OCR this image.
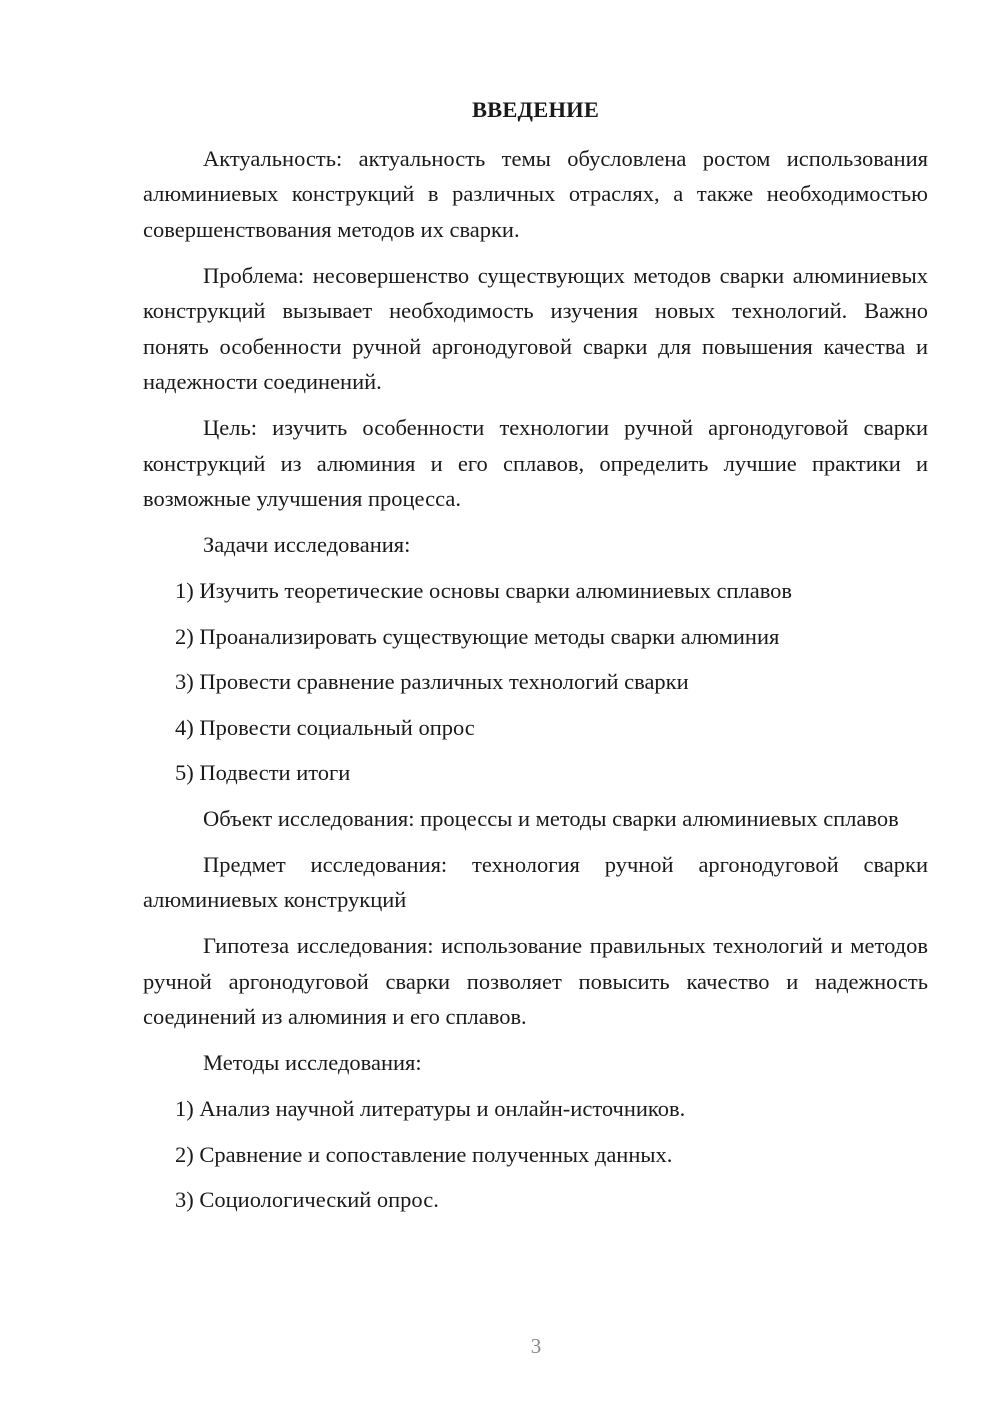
ВВЕДЕНИЕ

Актуальность: актуальность темы обусловлена ростом использования алюминиевых конструкций в различных отраслях, а также необходимостью совершенствования методов их сварки.

Проблема: несовершенство существующих методов сварки алюминиевых конструкций вызывает необходимость изучения новых технологий. Важно понять особенности ручной аргонодуговой сварки для повышения качества и надежности соединений.

Цель: изучить особенности технологии ручной аргонодуговой сварки конструкций из алюминия и его сплавов, определить лучшие практики и возможные улучшения процесса.

Задачи исследования:

1) Изучить теоретические основы сварки алюминиевых сплавов
2) Проанализировать существующие методы сварки алюминия
3) Провести сравнение различных технологий сварки
4) Провести социальный опрос
5) Подвести итоги

Объект исследования: процессы и методы сварки алюминиевых сплавов

Предмет исследования: технология ручной аргонодуговой сварки алюминиевых конструкций

Гипотеза исследования: использование правильных технологий и методов ручной аргонодуговой сварки позволяет повысить качество и надежность соединений из алюминия и его сплавов.

Методы исследования:

1) Анализ научной литературы и онлайн-источников.
2) Сравнение и сопоставление полученных данных.
3) Социологический опрос.
3
